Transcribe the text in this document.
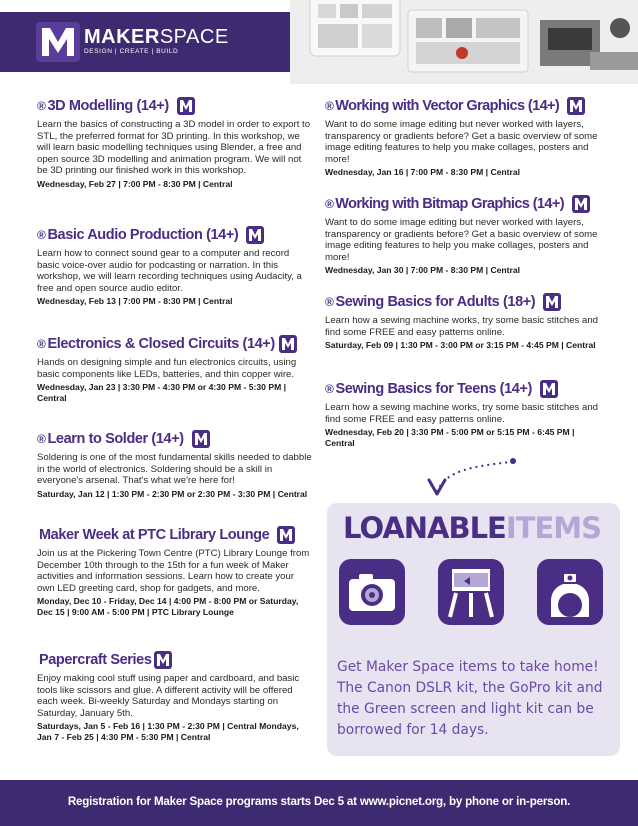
MAKERSPACE
DESIGN | CREATE | BUILD
® 3D Modelling (14+)
Learn the basics of constructing a 3D model in order to export to STL, the preferred format for 3D printing. In this workshop, we will learn basic modelling techniques using Blender, a free and open source 3D modelling and animation program. We will not be 3D printing our finished work in this workshop.
Wednesday, Feb 27 | 7:00 PM - 8:30 PM | Central
® Basic Audio Production (14+)
Learn how to connect sound gear to a computer and record basic voice-over audio for podcasting or narration. In this workshop, we will learn recording techniques using Audacity, a free and open source audio editor.
Wednesday, Feb 13 | 7:00 PM - 8:30 PM | Central
® Electronics & Closed Circuits (14+)
Hands on designing simple and fun electronics circuits, using basic components like LEDs, batteries, and thin copper wire.
Wednesday, Jan 23 | 3:30 PM - 4:30 PM or 4:30 PM - 5:30 PM | Central
® Learn to Solder (14+)
Soldering is one of the most fundamental skills needed to dabble in the world of electronics. Soldering should be a skill in everyone's arsenal. That's what we're here for!
Saturday, Jan 12 | 1:30 PM - 2:30 PM or 2:30 PM - 3:30 PM | Central
Maker Week at PTC Library Lounge
Join us at the Pickering Town Centre (PTC) Library Lounge from December 10th through to the 15th for a fun week of Maker activities and information sessions. Learn how to create your own LED greeting card, shop for gadgets, and more.
Monday, Dec 10 - Friday, Dec 14 | 4:00 PM - 8:00 PM or Saturday, Dec 15 | 9:00 AM - 5:00 PM | PTC Library Lounge
Papercraft Series
Enjoy making cool stuff using paper and cardboard, and basic tools like scissors and glue. A different activity will be offered each week. Bi-weekly Saturday and Mondays starting on Saturday, January 5th.
Saturdays, Jan 5 - Feb 16 | 1:30 PM - 2:30 PM | Central Mondays, Jan 7 - Feb 25 | 4:30 PM - 5:30 PM | Central
® Working with Vector Graphics (14+)
Want to do some image editing but never worked with layers, transparency or gradients before? Get a basic overview of some image editing features to help you make collages, posters and more!
Wednesday, Jan 16 | 7:00 PM - 8:30 PM | Central
® Working with Bitmap Graphics (14+)
Want to do some image editing but never worked with layers, transparency or gradients before? Get a basic overview of some image editing features to help you make collages, posters and more!
Wednesday, Jan 30 | 7:00 PM - 8:30 PM | Central
® Sewing Basics for Adults (18+)
Learn how a sewing machine works, try some basic stitches and find some FREE and easy patterns online.
Saturday, Feb 09 | 1:30 PM - 3:00 PM or 3:15 PM - 4:45 PM | Central
® Sewing Basics for Teens (14+)
Learn how a sewing machine works, try some basic stitches and find some FREE and easy patterns online.
Wednesday, Feb 20 | 3:30 PM - 5:00 PM or 5:15 PM - 6:45 PM | Central
LOANABLEITEMS
Get Maker Space items to take home! The Canon DSLR kit, the GoPro kit and the Green screen and light kit can be borrowed for 14 days.
Registration for Maker Space programs starts Dec 5 at www.picnet.org, by phone or in-person.
